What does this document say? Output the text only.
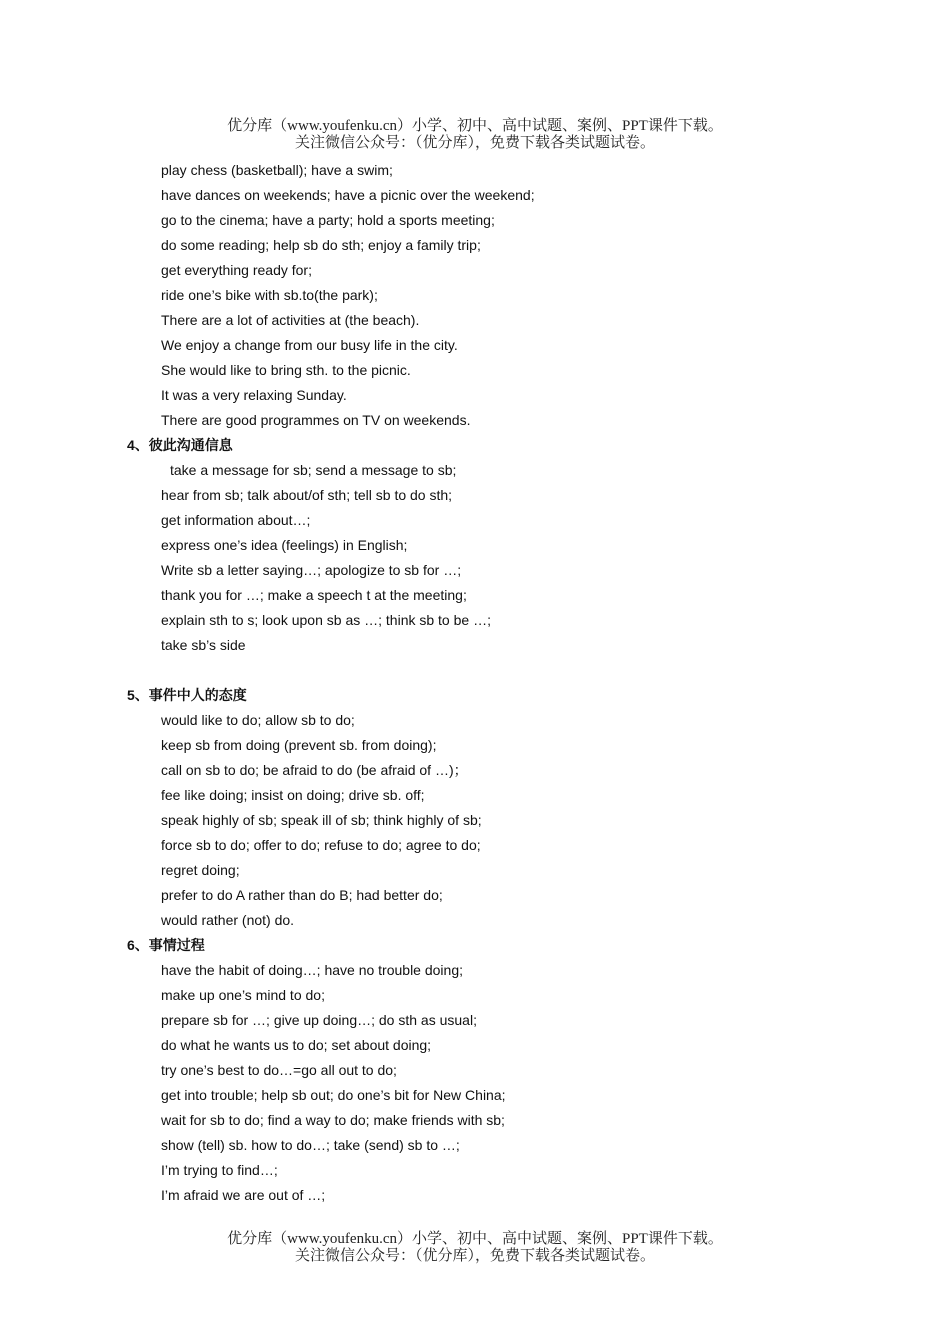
优分库（www.youfenku.cn）小学、初中、高中试题、案例、PPT课件下载。
关注微信公众号：（优分库），免费下载各类试题试卷。
play chess (basketball); have a swim;
have dances on weekends; have a picnic over the weekend;
go to the cinema; have a party; hold a sports meeting;
do some reading; help sb do sth; enjoy a family trip;
get everything ready for;
ride one’s bike with sb.to(the park);
There are a lot of activities at (the beach).
We enjoy a change from our busy life in the city.
She would like to bring sth. to the picnic.
It was a very relaxing Sunday.
There are good programmes on TV on weekends.
4、彼此沟通信息
take a message for sb; send a message to sb;
hear from sb; talk about/of sth; tell sb to do sth;
get information about…;
express one’s idea (feelings) in English;
Write sb a letter saying…; apologize to sb for …;
thank you for …; make a speech t at the meeting;
explain sth to s; look upon sb as …; think sb to be …;
take sb’s side
5、事件中人的态度
would like to do; allow sb to do;
keep sb from doing (prevent sb. from doing);
call on sb to do; be afraid to do (be afraid of …)；
fee like doing; insist on doing; drive sb. off;
speak highly of sb; speak ill of sb; think highly of sb;
force sb to do; offer to do; refuse to do; agree to do;
regret doing;
prefer to do A rather than do B; had better do;
would rather (not) do.
6、事情过程
have the habit of doing…; have no trouble doing;
make up one’s mind to do;
prepare sb for …; give up doing…; do sth as usual;
do what he wants us to do; set about doing;
try one’s best to do…=go all out to do;
get into trouble; help sb out; do one’s bit for New China;
wait for sb to do; find a way to do; make friends with sb;
show (tell) sb. how to do…; take (send) sb to …;
I’m trying to find…;
I’m afraid we are out of …;
优分库（www.youfenku.cn）小学、初中、高中试题、案例、PPT课件下载。
关注微信公众号：（优分库），免费下载各类试题试卷。
